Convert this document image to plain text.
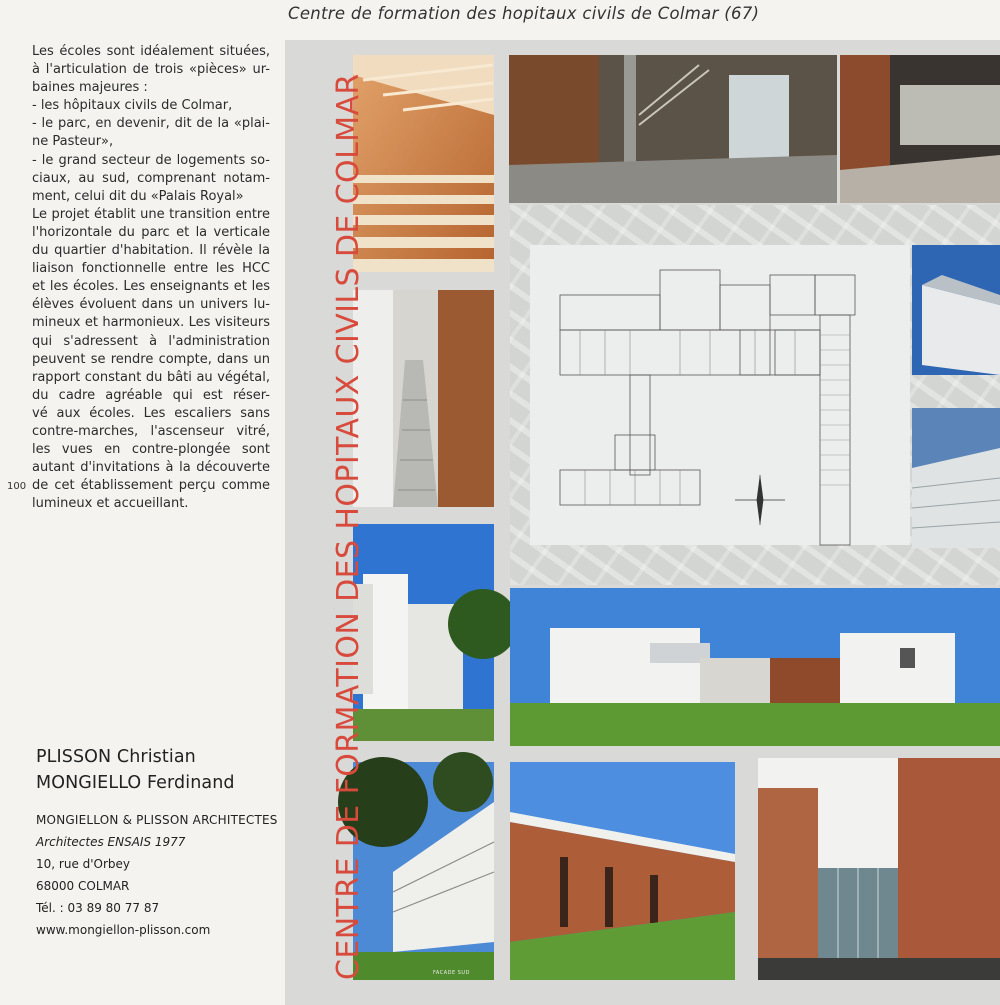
Centre de formation des hopitaux civils de Colmar (67)
Les écoles sont idéalement situées,
à l'articulation de trois «pièces» ur-
baines majeures :
- les hôpitaux civils de Colmar,
- le parc, en devenir, dit de la «plai-
ne Pasteur»,
- le grand secteur de logements so-
ciaux, au sud, comprenant notam-
ment, celui dit du «Palais Royal»
Le projet établit une transition entre
l'horizontale du parc et la verticale
du quartier d'habitation. Il révèle la
liaison fonctionnelle entre les HCC
et les écoles. Les enseignants et les
élèves évoluent dans un univers lu-
mineux et harmonieux. Les visiteurs
qui s'adressent à l'administration
peuvent se rendre compte, dans un
rapport constant du bâti au végétal,
du cadre agréable qui est réser-
vé aux écoles. Les escaliers sans
contre-marches, l'ascenseur vitré,
les vues en contre-plongée sont
autant d'invitations à la découverte
de cet établissement perçu comme
lumineux et accueillant.
100
PLISSON Christian
MONGIELLO Ferdinand
MONGIELLON & PLISSON ARCHITECTES
Architectes ENSAIS 1977
10, rue d'Orbey
68000 COLMAR
Tél. : 03 89 80 77 87
www.mongiellon-plisson.com
FACADE SUD
CENTRE DE FORMATION DES HOPITAUX CIVILS DE COLMAR
